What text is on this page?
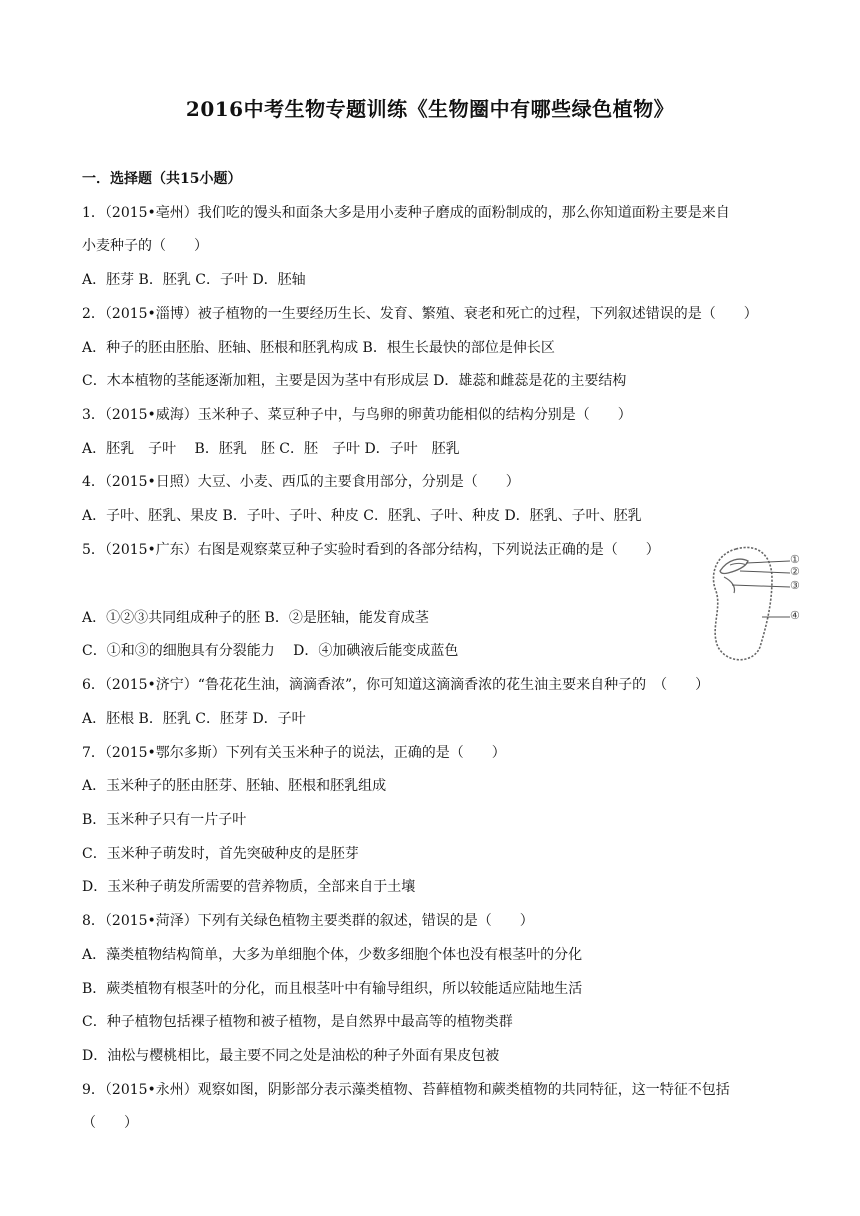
2016中考生物专题训练《生物圈中有哪些绿色植物》
一．选择题（共15小题）
1．（2015•亳州）我们吃的馒头和面条大多是用小麦种子磨成的面粉制成的，那么你知道面粉主要是来自
小麦种子的（　　）
A．胚芽 B．胚乳 C．子叶 D．胚轴
2．（2015•淄博）被子植物的一生要经历生长、发育、繁殖、衰老和死亡的过程，下列叙述错误的是（　　）
A．种子的胚由胚胎、胚轴、胚根和胚乳构成 B．根生长最快的部位是伸长区
C．木本植物的茎能逐渐加粗，主要是因为茎中有形成层 D．雄蕊和雌蕊是花的主要结构
3．（2015•威海）玉米种子、菜豆种子中，与鸟卵的卵黄功能相似的结构分别是（　　）
A．胚乳　子叶　 B．胚乳　胚 C．胚　子叶 D．子叶　胚乳
4．（2015•日照）大豆、小麦、西瓜的主要食用部分，分别是（　　）
A．子叶、胚乳、果皮 B．子叶、子叶、种皮 C．胚乳、子叶、种皮 D．胚乳、子叶、胚乳
5．（2015•广东）右图是观察菜豆种子实验时看到的各部分结构，下列说法正确的是（　　）
A．①②③共同组成种子的胚 B．②是胚轴，能发育成茎
C．①和③的细胞具有分裂能力　 D．④加碘液后能变成蓝色
6．（2015•济宁）“鲁花花生油，滴滴香浓”，你可知道这滴滴香浓的花生油主要来自种子的　（　　）
A．胚根 B．胚乳 C．胚芽 D．子叶
7．（2015•鄂尔多斯）下列有关玉米种子的说法，正确的是（　　）
A．玉米种子的胚由胚芽、胚轴、胚根和胚乳组成
B．玉米种子只有一片子叶
C．玉米种子萌发时，首先突破种皮的是胚芽
D．玉米种子萌发所需要的营养物质，全部来自于土壤
8．（2015•菏泽）下列有关绿色植物主要类群的叙述，错误的是（　　）
A．藻类植物结构简单，大多为单细胞个体，少数多细胞个体也没有根茎叶的分化
B．蕨类植物有根茎叶的分化，而且根茎叶中有输导组织，所以较能适应陆地生活
C．种子植物包括裸子植物和被子植物，是自然界中最高等的植物类群
D．油松与樱桃相比，最主要不同之处是油松的种子外面有果皮包被
9．（2015•永州）观察如图，阴影部分表示藻类植物、苔藓植物和蕨类植物的共同特征，这一特征不包括
（　　）
①
②
③
④
